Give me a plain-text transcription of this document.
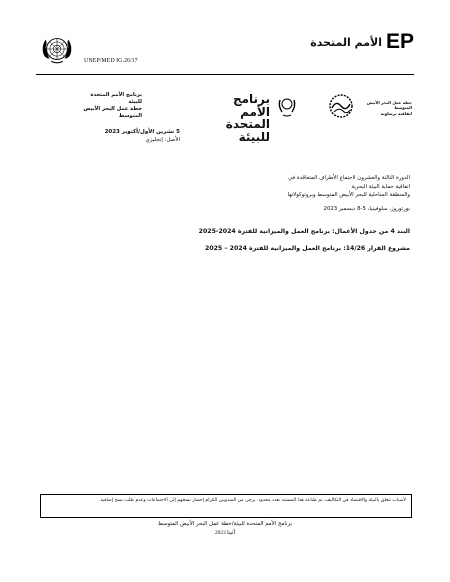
EP
الأمم المتحدة
UNEP/MED IG.26/17
خطة عمل البحر الأبيض المتوسط
اتفاقية برشلونة
برنامج الأمم
المتحدة للبيئة
برنامج الأمم المتحدة للبيئة
خطة عمل البحر الأبيض
المتوسط
5 تشرين الأول/أكتوبر 2023
الأصل: إنجليزي
الدورة الثالثة والعشرون لاجتماع الأطراف المتعاقدة في
اتفاقية حماية البيئة البحرية
والمنطقة الساحلية للبحر الأبيض المتوسط وبروتوكولاتها
بورتوروز، سلوفينيا، 5-8 ديسمبر 2023
البند 4 من جدول الأعمال: برنامج العمل والميزانية للفترة 2024-2025
مشروع القرار 14/26: برنامج العمل والميزانية للفترة 2024 – 2025
لأسباب تتعلق بالبيئة والاقتصاد في التكاليف، تم طباعة هذا المستند بعدد محدود. يرجى من المندوبين الكرام إحضار نسخهم إلى الاجتماعات وعدم طلب نسخ إضافية.
برنامج الأمم المتحدة للبيئة/خطة عمل البحر الأبيض المتوسط
أثينا 2023
